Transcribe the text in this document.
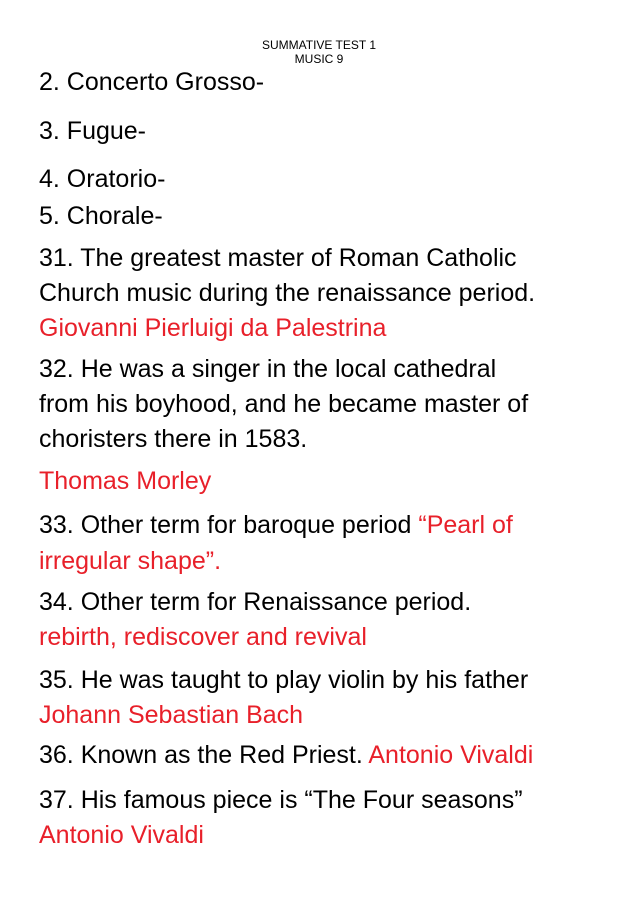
SUMMATIVE TEST 1
MUSIC 9
2. Concerto Grosso-
3. Fugue-
4. Oratorio-
5. Chorale-
31. The greatest master of Roman Catholic
Church music during the renaissance period.
Giovanni Pierluigi da Palestrina
32. He was a singer in the local cathedral
from his boyhood, and he became master of
choristers there in 1583.
Thomas Morley
33. Other term for baroque period “Pearl of
irregular shape”.
34. Other term for Renaissance period.
rebirth, rediscover and revival
35. He was taught to play violin by his father
Johann Sebastian Bach
36. Known as the Red Priest. Antonio Vivaldi
37. His famous piece is “The Four seasons”
Antonio Vivaldi
